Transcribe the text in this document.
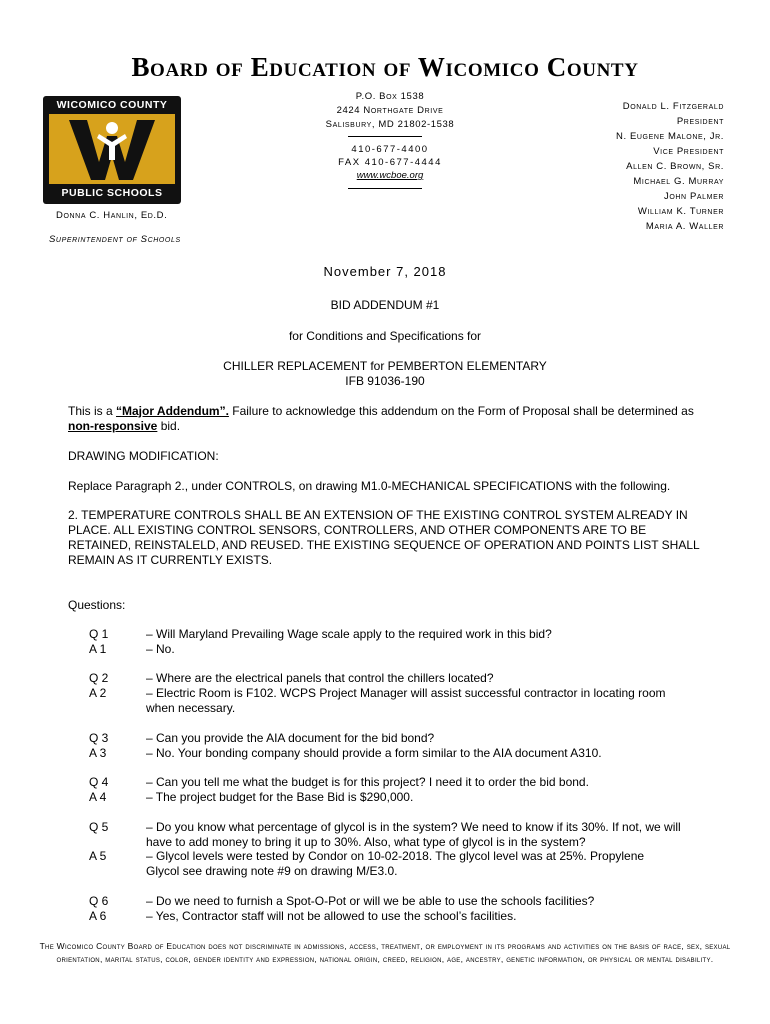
Board of Education of Wicomico County
WICOMICO COUNTY
PUBLIC SCHOOLS
P.O. Box 1538
2424 Northgate Drive
Salisbury, MD 21802-1538
410-677-4400
FAX 410-677-4444
www.wcboe.org
Donna C. Hanlin, Ed.D.
Superintendent of Schools
Donald L. Fitzgerald
President
N. Eugene Malone, Jr.
Vice President
Allen C. Brown, Sr.
Michael G. Murray
John Palmer
William K. Turner
Maria A. Waller
November 7, 2018
BID ADDENDUM #1
for Conditions and Specifications for
CHILLER REPLACEMENT for PEMBERTON ELEMENTARY
IFB 91036-190
This is a “Major Addendum”. Failure to acknowledge this addendum on the Form of Proposal shall be determined as non-responsive bid.
DRAWING MODIFICATION:
Replace Paragraph 2., under CONTROLS, on drawing M1.0-MECHANICAL SPECIFICATIONS with the following.
2. TEMPERATURE CONTROLS SHALL BE AN EXTENSION OF THE EXISTING CONTROL SYSTEM ALREADY IN PLACE. ALL EXISTING CONTROL SENSORS, CONTROLLERS, AND OTHER COMPONENTS ARE TO BE RETAINED, REINSTALELD, AND REUSED. THE EXISTING SEQUENCE OF OPERATION AND POINTS LIST SHALL REMAIN AS IT CURRENTLY EXISTS.
Questions:
Q 1	– Will Maryland Prevailing Wage scale apply to the required work in this bid?
A 1	– No.
Q 2	– Where are the electrical panels that control the chillers located?
A 2	– Electric Room is F102. WCPS Project Manager will assist successful contractor in locating room when necessary.
Q 3	– Can you provide the AIA document for the bid bond?
A 3	– No. Your bonding company should provide a form similar to the AIA document A310.
Q 4	– Can you tell me what the budget is for this project? I need it to order the bid bond.
A 4	– The project budget for the Base Bid is $290,000.
Q 5	– Do you know what percentage of glycol is in the system? We need to know if its 30%. If not, we will have to add money to bring it up to 30%. Also, what type of glycol is in the system?
A 5	– Glycol levels were tested by Condor on 10-02-2018. The glycol level was at 25%. Propylene Glycol see drawing note #9 on drawing M/E3.0.
Q 6	– Do we need to furnish a Spot-O-Pot or will we be able to use the schools facilities?
A 6	– Yes, Contractor staff will not be allowed to use the school’s facilities.
The Wicomico County Board of Education does not discriminate in admissions, access, treatment, or employment in its programs and activities on the basis of race, sex, sexual orientation, marital status, color, gender identity and expression, national origin, creed, religion, age, ancestry, genetic information, or physical or mental disability.
